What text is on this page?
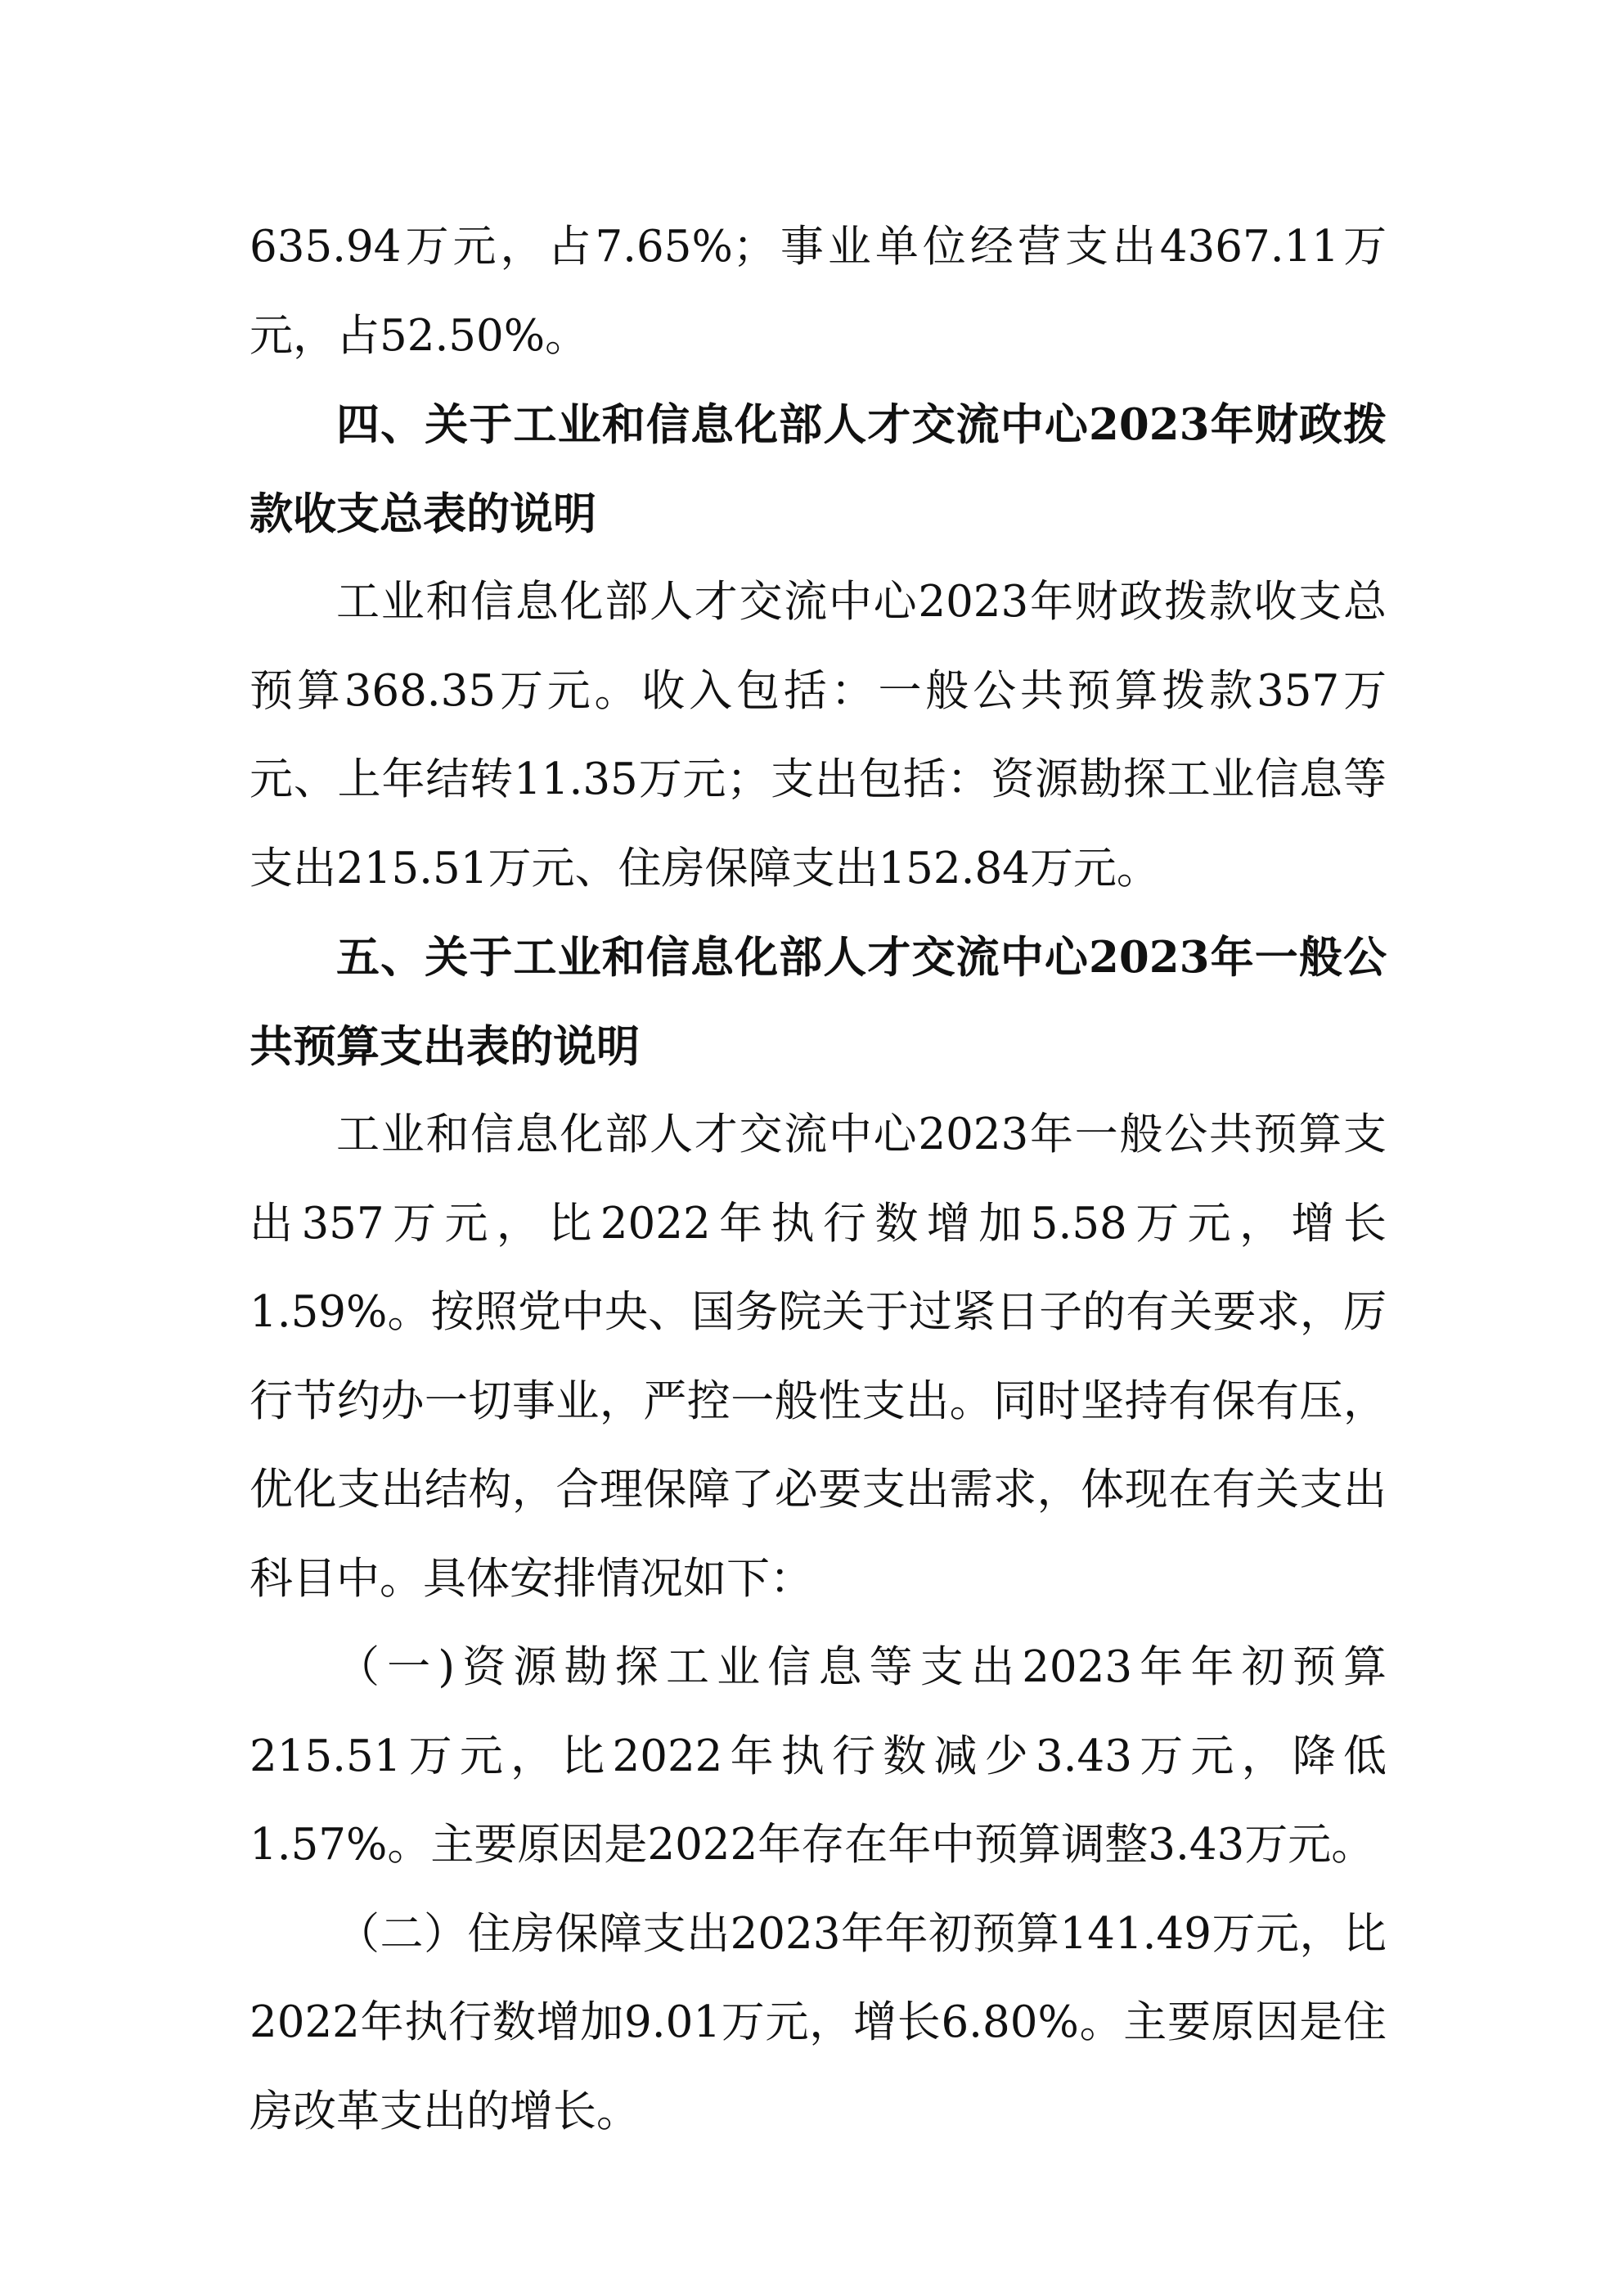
635.94万元，占7.65%；事业单位经营支出4367.11万元，占52.50%。

四、关于工业和信息化部人才交流中心2023年财政拨款收支总表的说明

工业和信息化部人才交流中心2023年财政拨款收支总预算368.35万元。收入包括：一般公共预算拨款357万元、上年结转11.35万元；支出包括：资源勘探工业信息等支出215.51万元、住房保障支出152.84万元。

五、关于工业和信息化部人才交流中心2023年一般公共预算支出表的说明

工业和信息化部人才交流中心2023年一般公共预算支出357万元，比2022年执行数增加5.58万元，增长1.59%。按照党中央、国务院关于过紧日子的有关要求，厉行节约办一切事业，严控一般性支出。同时坚持有保有压，优化支出结构，合理保障了必要支出需求，体现在有关支出科目中。具体安排情况如下：

（一)资源勘探工业信息等支出2023年年初预算215.51万元，比2022年执行数减少3.43万元，降低1.57%。主要原因是2022年存在年中预算调整3.43万元。

（二）住房保障支出2023年年初预算141.49万元，比2022年执行数增加9.01万元，增长6.80%。主要原因是住房改革支出的增长。
